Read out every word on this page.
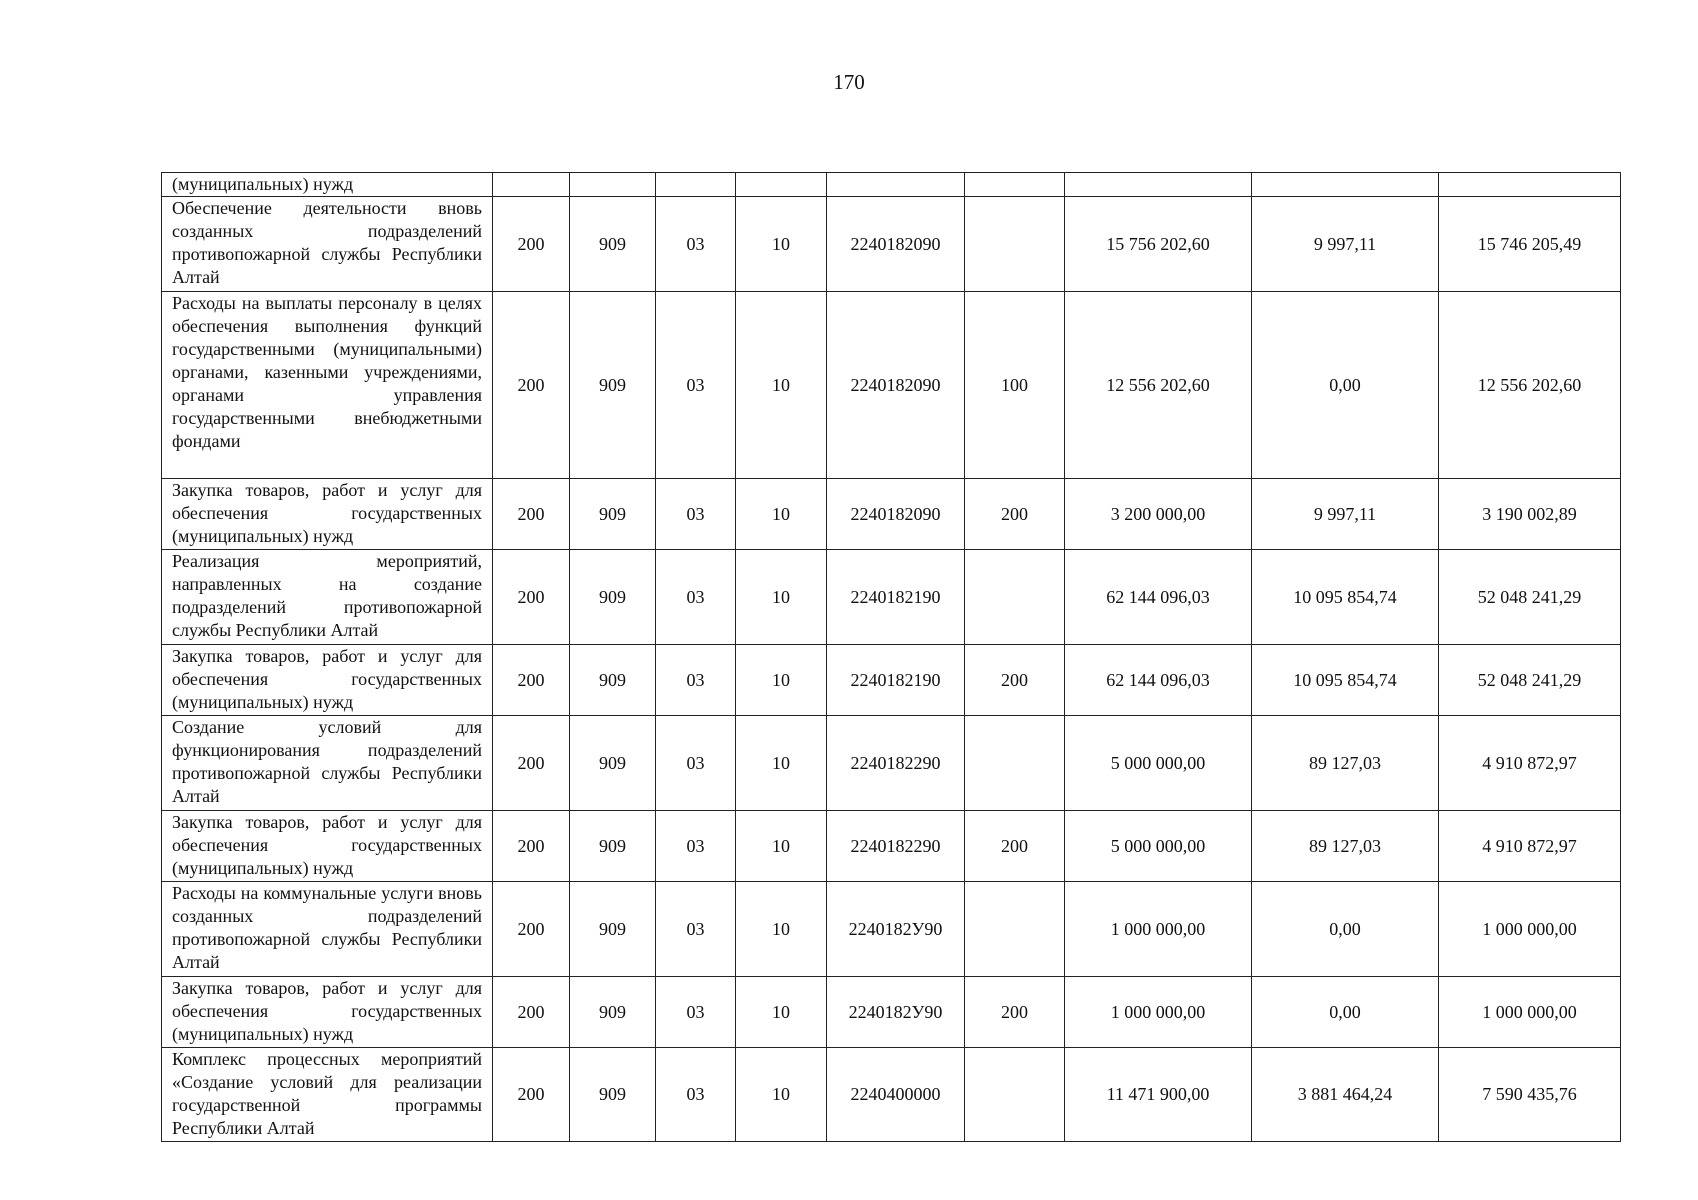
170
(муниципальных) нужд									

Обеспечение деятельности вновь созданных подразделений противопожарной службы Республики Алтай	200	909	03	10	2240182090		15 756 202,60	9 997,11	15 746 205,49

Расходы на выплаты персоналу в целях обеспечения выполнения функций государственными (муниципальными) органами, казенными учреждениями, органами управления государственными внебюджетными фондами	200	909	03	10	2240182090	100	12 556 202,60	0,00	12 556 202,60

Закупка товаров, работ и услуг для обеспечения государственных (муниципальных) нужд	200	909	03	10	2240182090	200	3 200 000,00	9 997,11	3 190 002,89

Реализация мероприятий, направленных на создание подразделений противопожарной службы Республики Алтай	200	909	03	10	2240182190		62 144 096,03	10 095 854,74	52 048 241,29

Закупка товаров, работ и услуг для обеспечения государственных (муниципальных) нужд	200	909	03	10	2240182190	200	62 144 096,03	10 095 854,74	52 048 241,29

Создание условий для функционирования подразделений противопожарной службы Республики Алтай	200	909	03	10	2240182290		5 000 000,00	89 127,03	4 910 872,97

Закупка товаров, работ и услуг для обеспечения государственных (муниципальных) нужд	200	909	03	10	2240182290	200	5 000 000,00	89 127,03	4 910 872,97

Расходы на коммунальные услуги вновь созданных подразделений противопожарной службы Республики Алтай	200	909	03	10	2240182У90		1 000 000,00	0,00	1 000 000,00

Закупка товаров, работ и услуг для обеспечения государственных (муниципальных) нужд	200	909	03	10	2240182У90	200	1 000 000,00	0,00	1 000 000,00

Комплекс процессных мероприятий «Создание условий для реализации государственной программы Республики Алтай	200	909	03	10	2240400000		11 471 900,00	3 881 464,24	7 590 435,76
